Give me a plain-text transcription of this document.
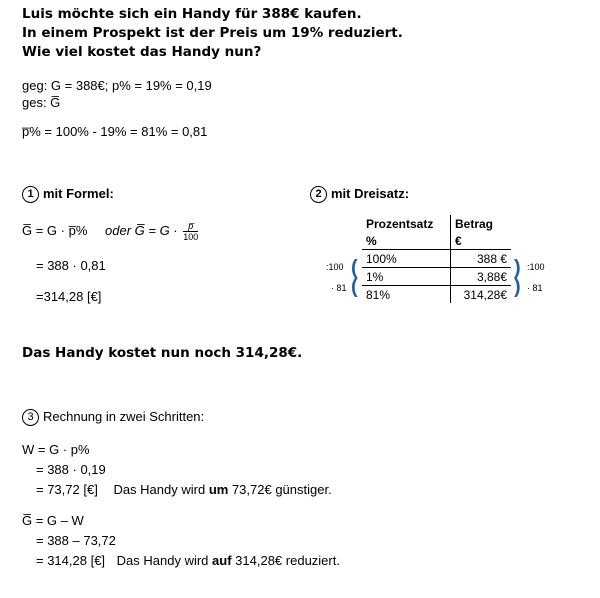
Luis möchte sich ein Handy für 388€ kaufen.
In einem Prospekt ist der Preis um 19% reduziert.
Wie viel kostet das Handy nun?
geg: G = 388€; p% = 19% = 0,19
ges: G̅
p̅% = 100% - 19% = 81% = 0,81
1 mit Formel:
G̅ = G · p̅% oder G̅ = $G \cdot \frac{p̅}{100}$
= 388 · 0,81
=314,28 [€]
2 mit Dreisatz:
Prozentsatz	Betrag
%	€
100%	388 €
1%	3,88€
81%	314,28€
:100 (
· 81 (
) :100
) · 81
Das Handy kostet nun noch 314,28€.
3 Rechnung in zwei Schritten:
W = G · p%
= 388 · 0,19
= 73,72 [€] Das Handy wird um 73,72€ günstiger.
G̅ = G – W
= 388 – 73,72
= 314,28 [€] Das Handy wird auf 314,28€ reduziert.
